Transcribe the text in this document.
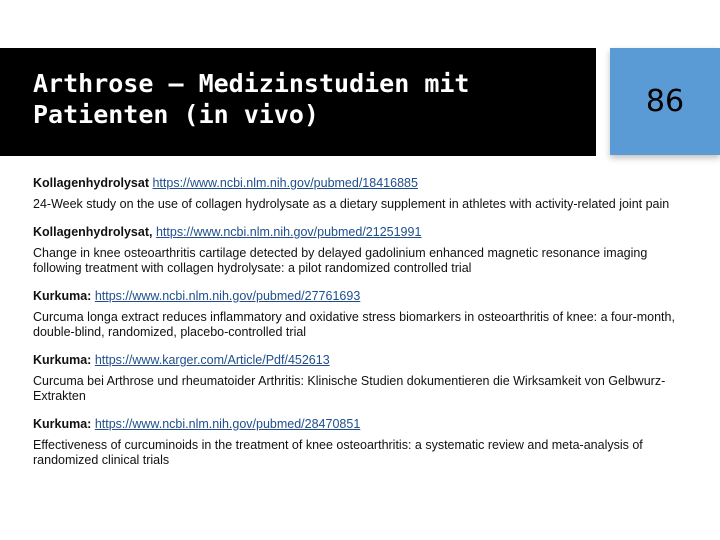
Arthrose – Medizinstudien mit Patienten (in vivo)	86
Kollagenhydrolysat https://www.ncbi.nlm.nih.gov/pubmed/18416885
24-Week study on the use of collagen hydrolysate as a dietary supplement in athletes with activity-related joint pain
Kollagenhydrolysat, https://www.ncbi.nlm.nih.gov/pubmed/21251991
Change in knee osteoarthritis cartilage detected by delayed gadolinium enhanced magnetic resonance imaging following treatment with collagen hydrolysate: a pilot randomized controlled trial
Kurkuma: https://www.ncbi.nlm.nih.gov/pubmed/27761693
Curcuma longa extract reduces inflammatory and oxidative stress biomarkers in osteoarthritis of knee: a four-month, double-blind, randomized, placebo-controlled trial
Kurkuma: https://www.karger.com/Article/Pdf/452613
Curcuma bei Arthrose und rheumatoider Arthritis: Klinische Studien dokumentieren die Wirksamkeit von Gelbwurz-Extrakten
Kurkuma: https://www.ncbi.nlm.nih.gov/pubmed/28470851
Effectiveness of curcuminoids in the treatment of knee osteoarthritis: a systematic review and meta-analysis of randomized clinical trials
